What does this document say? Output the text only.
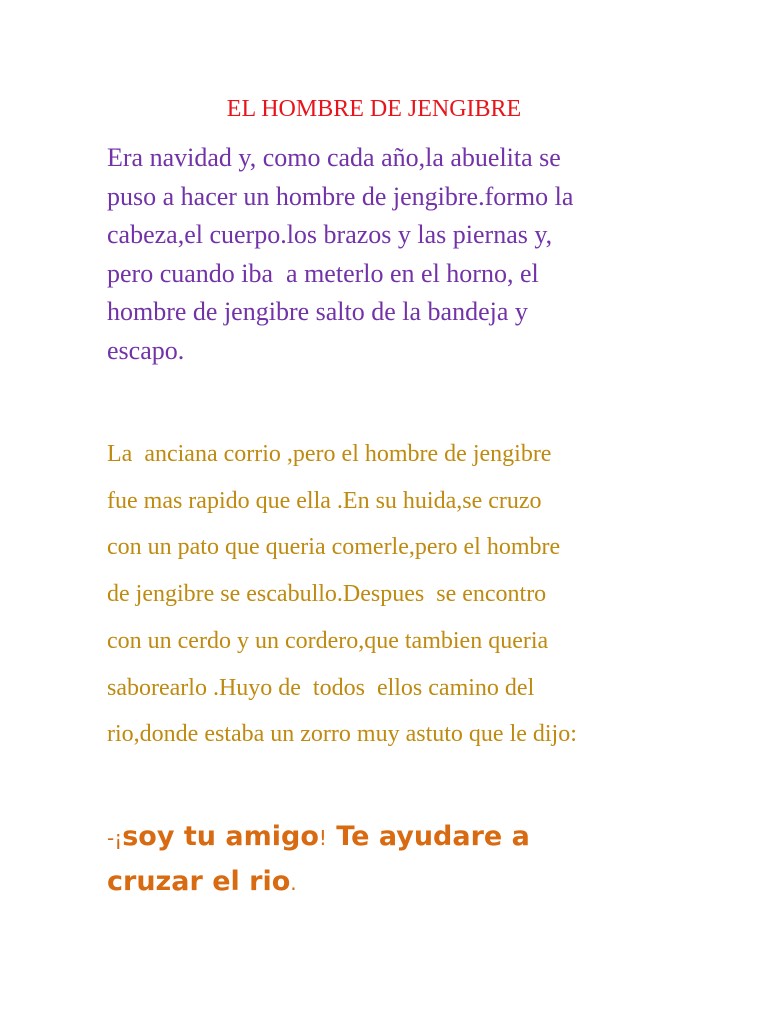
EL HOMBRE DE JENGIBRE
Era navidad y, como cada año,la abuelita se
puso a hacer un hombre de jengibre.formo la
cabeza,el cuerpo.los brazos y las piernas y,
pero cuando iba  a meterlo en el horno, el
hombre de jengibre salto de la bandeja y
escapo.
La  anciana corrio ,pero el hombre de jengibre
fue mas rapido que ella .En su huida,se cruzo
con un pato que queria comerle,pero el hombre
de jengibre se escabullo.Despues  se encontro
con un cerdo y un cordero,que tambien queria
saborearlo .Huyo de  todos  ellos camino del
rio,donde estaba un zorro muy astuto que le dijo:
-¡soy tu amigo! Te ayudare a
cruzar el rio.
